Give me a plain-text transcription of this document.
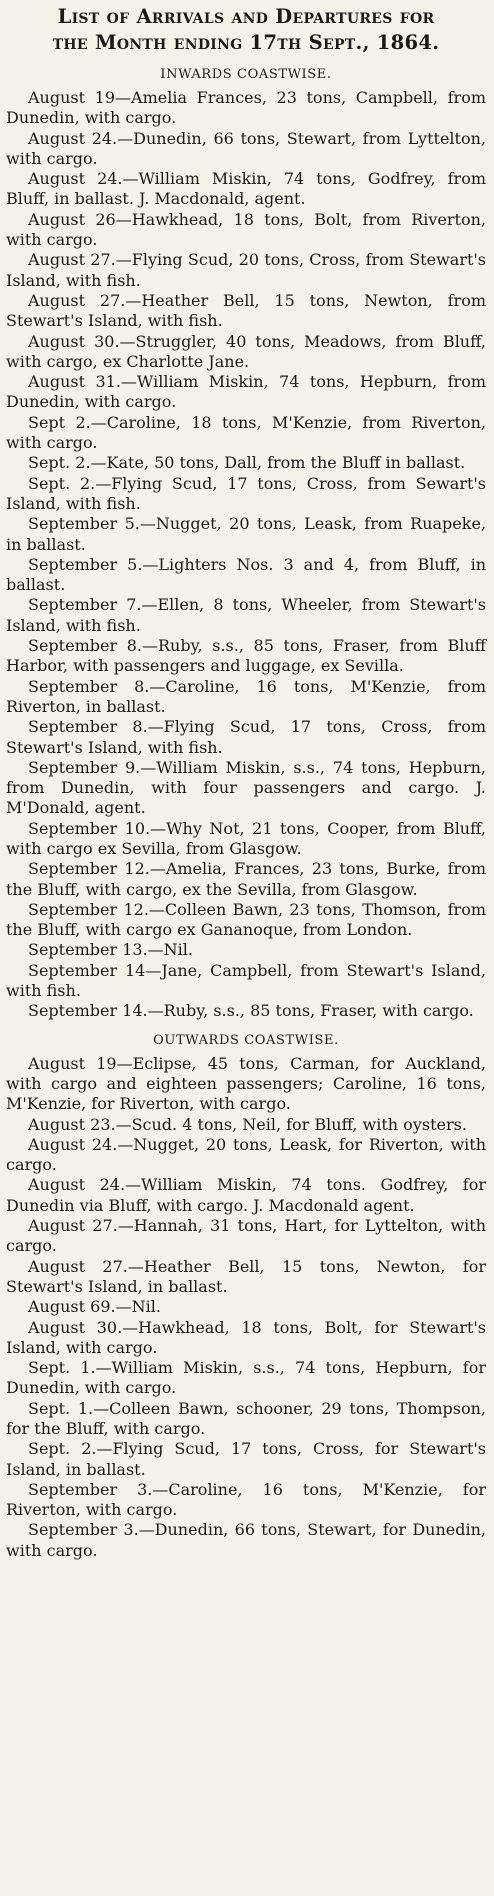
List of Arrivals and Departures for
the Month ending 17th Sept., 1864.
INWARDS COASTWISE.
August 19—Amelia Frances, 23 tons, Campbell, from Dunedin, with cargo.
August 24.—Dunedin, 66 tons, Stewart, from Lyttelton, with cargo.
August 24.—William Miskin, 74 tons, Godfrey, from Bluff, in ballast. J. Macdonald, agent.
August 26—Hawkhead, 18 tons, Bolt, from Riverton, with cargo.
August 27.—Flying Scud, 20 tons, Cross, from Stewart's Island, with fish.
August 27.—Heather Bell, 15 tons, Newton, from Stewart's Island, with fish.
August 30.—Struggler, 40 tons, Meadows, from Bluff, with cargo, ex Charlotte Jane.
August 31.—William Miskin, 74 tons, Hepburn, from Dunedin, with cargo.
Sept 2.—Caroline, 18 tons, M'Kenzie, from Riverton, with cargo.
Sept. 2.—Kate, 50 tons, Dall, from the Bluff in ballast.
Sept. 2.—Flying Scud, 17 tons, Cross, from Sewart's Island, with fish.
September 5.—Nugget, 20 tons, Leask, from Ruapeke, in ballast.
September 5.—Lighters Nos. 3 and 4, from Bluff, in ballast.
September 7.—Ellen, 8 tons, Wheeler, from Stewart's Island, with fish.
September 8.—Ruby, s.s., 85 tons, Fraser, from Bluff Harbor, with passengers and luggage, ex Sevilla.
September 8.—Caroline, 16 tons, M'Kenzie, from Riverton, in ballast.
September 8.—Flying Scud, 17 tons, Cross, from Stewart's Island, with fish.
September 9.—William Miskin, s.s., 74 tons, Hepburn, from Dunedin, with four passengers and cargo. J. M'Donald, agent.
September 10.—Why Not, 21 tons, Cooper, from Bluff, with cargo ex Sevilla, from Glasgow.
September 12.—Amelia, Frances, 23 tons, Burke, from the Bluff, with cargo, ex the Sevilla, from Glasgow.
September 12.—Colleen Bawn, 23 tons, Thomson, from the Bluff, with cargo ex Gananoque, from London.
September 13.—Nil.
September 14—Jane, Campbell, from Stewart's Island, with fish.
September 14.—Ruby, s.s., 85 tons, Fraser, with cargo.
OUTWARDS COASTWISE.
August 19—Eclipse, 45 tons, Carman, for Auckland, with cargo and eighteen passengers; Caroline, 16 tons, M'Kenzie, for Riverton, with cargo.
August 23.—Scud. 4 tons, Neil, for Bluff, with oysters.
August 24.—Nugget, 20 tons, Leask, for Riverton, with cargo.
August 24.—William Miskin, 74 tons. Godfrey, for Dunedin via Bluff, with cargo. J. Macdonald agent.
August 27.—Hannah, 31 tons, Hart, for Lyttelton, with cargo.
August 27.—Heather Bell, 15 tons, Newton, for Stewart's Island, in ballast.
August 69.—Nil.
August 30.—Hawkhead, 18 tons, Bolt, for Stewart's Island, with cargo.
Sept. 1.—William Miskin, s.s., 74 tons, Hepburn, for Dunedin, with cargo.
Sept. 1.—Colleen Bawn, schooner, 29 tons, Thompson, for the Bluff, with cargo.
Sept. 2.—Flying Scud, 17 tons, Cross, for Stewart's Island, in ballast.
September 3.—Caroline, 16 tons, M'Kenzie, for Riverton, with cargo.
September 3.—Dunedin, 66 tons, Stewart, for Dunedin, with cargo.
